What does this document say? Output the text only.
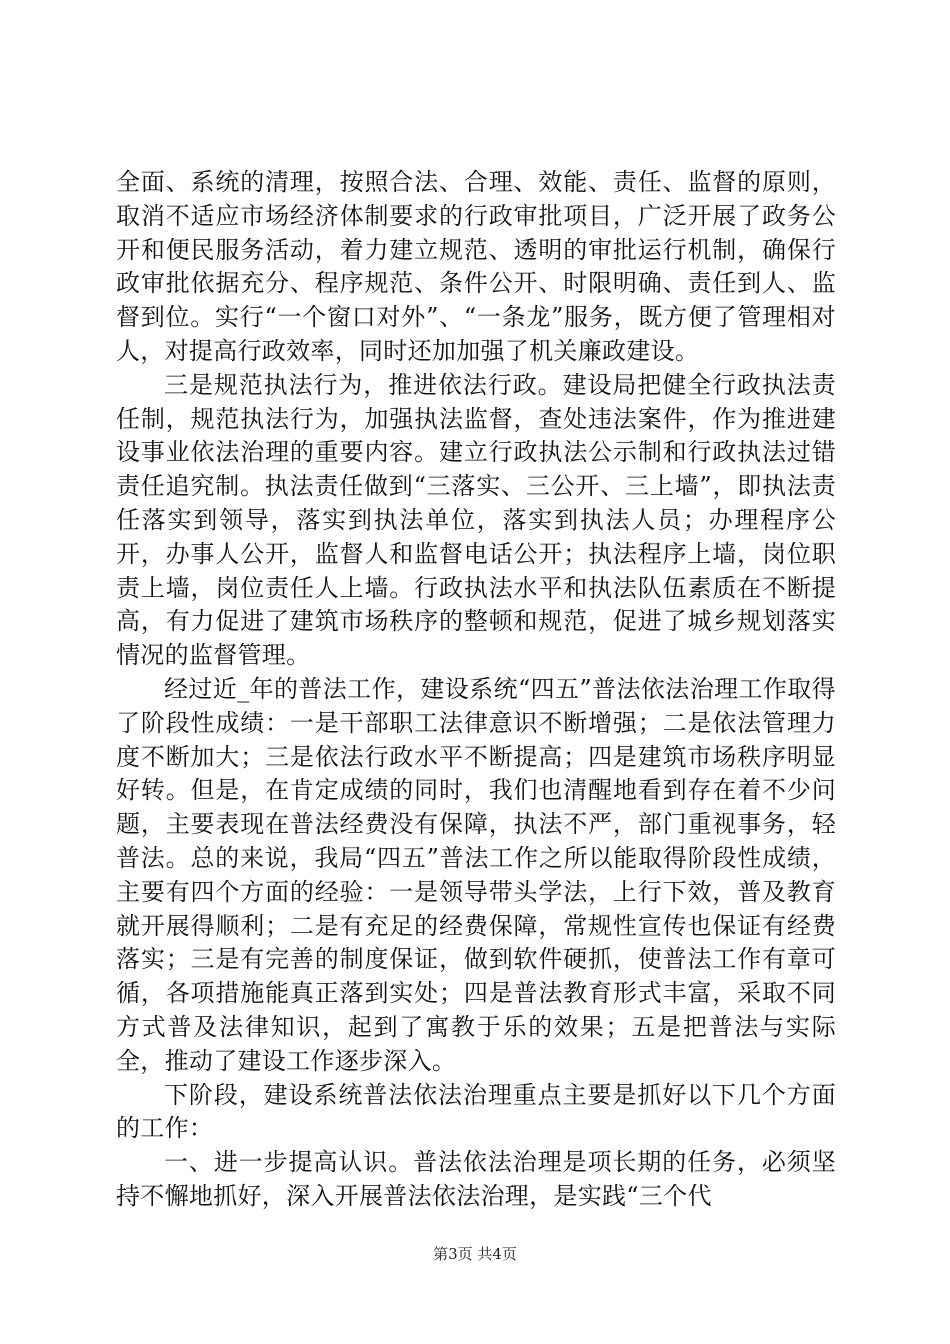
全面、系统的清理，按照合法、合理、效能、责任、监督的原则，取消不适应市场经济体制要求的行政审批项目，广泛开展了政务公开和便民服务活动，着力建立规范、透明的审批运行机制，确保行政审批依据充分、程序规范、条件公开、时限明确、责任到人、监督到位。实行“一个窗口对外”、“一条龙”服务，既方便了管理相对人，对提高行政效率，同时还加加强了机关廉政建设。

三是规范执法行为，推进依法行政。建设局把健全行政执法责任制，规范执法行为，加强执法监督，查处违法案件，作为推进建设事业依法治理的重要内容。建立行政执法公示制和行政执法过错责任追究制。执法责任做到“三落实、三公开、三上墙”，即执法责任落实到领导，落实到执法单位，落实到执法人员；办理程序公开，办事人公开，监督人和监督电话公开；执法程序上墙，岗位职责上墙，岗位责任人上墙。行政执法水平和执法队伍素质在不断提高，有力促进了建筑市场秩序的整顿和规范，促进了城乡规划落实情况的监督管理。

经过近_年的普法工作，建设系统“四五”普法依法治理工作取得了阶段性成绩：一是干部职工法律意识不断增强；二是依法管理力度不断加大；三是依法行政水平不断提高；四是建筑市场秩序明显好转。但是，在肯定成绩的同时，我们也清醒地看到存在着不少问题，主要表现在普法经费没有保障，执法不严，部门重视事务，轻普法。总的来说，我局“四五”普法工作之所以能取得阶段性成绩，主要有四个方面的经验：一是领导带头学法，上行下效，普及教育就开展得顺利；二是有充足的经费保障，常规性宣传也保证有经费落实；三是有完善的制度保证，做到软件硬抓，使普法工作有章可循，各项措施能真正落到实处；四是普法教育形式丰富，采取不同方式普及法律知识，起到了寓教于乐的效果；五是把普法与实际全，推动了建设工作逐步深入。

下阶段，建设系统普法依法治理重点主要是抓好以下几个方面的工作：

一、进一步提高认识。普法依法治理是项长期的任务，必须坚持不懈地抓好，深入开展普法依法治理，是实践“三个代

第3页 共4页
